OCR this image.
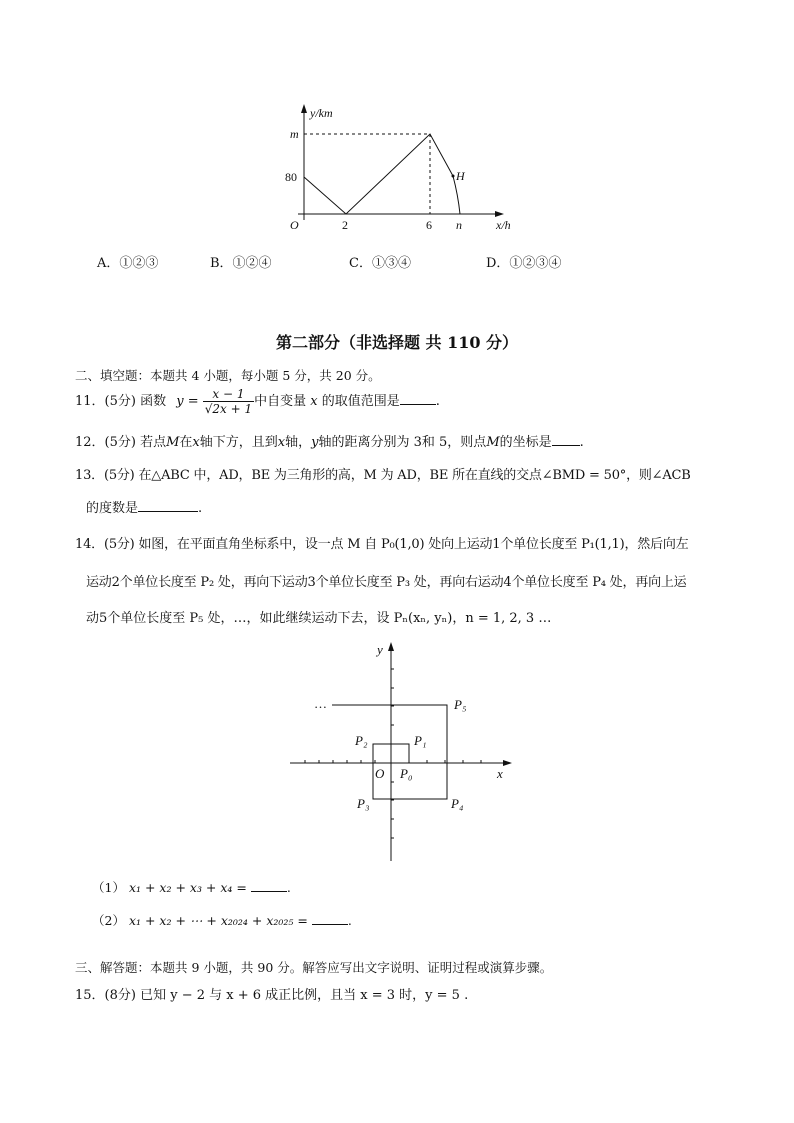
y/km
m
80
O	2	6 n
H
x/h
A．①②③	B．①②④	C．①③④	D．①②③④
第二部分（非选择题 共 110 分）
二、填空题：本题共 4 小题，每小题 5 分，共 20 分。
11．(5分) 函数 $y = \frac{x - 1}{√2x + 1}$ 中自变量 x 的取值范围是	.
12．(5分) 若点M在x轴下方，且到x轴，y轴的距离分别为 3和 5，则点M的坐标是 .
13．(5分) 在△ABC 中，AD，BE 为三角形的高，M 为 AD，BE 所在直线的交点∠BMD = 50°，则∠ACB
的度数是	.
14．(5分) 如图，在平面直角坐标系中，设一点 M 自 P₀(1,0) 处向上运动1个单位长度至 P₁(1,1)，然后向左
运动2个单位长度至 P₂ 处，再向下运动3个单位长度至 P₃ 处，再向右运动4个单位长度至 P₄ 处，再向上运
动5个单位长度至 P₅ 处，…，如此继续运动下去，设 Pₙ(xₙ, yₙ)，n = 1, 2, 3 …
y
x
O P₀
P₁
P₂
P₃	P₄
P₅
…
（1） x₁ + x₂ + x₃ + x₄ =	.
（2） x₁ + x₂ + ⋯ + x₂₀₂₄ + x₂₀₂₅ =	.
三、解答题：本题共 9 小题，共 90 分。解答应写出文字说明、证明过程或演算步骤。
15．(8分) 已知 y − 2 与 x + 6 成正比例，且当 x = 3 时，y = 5 .
